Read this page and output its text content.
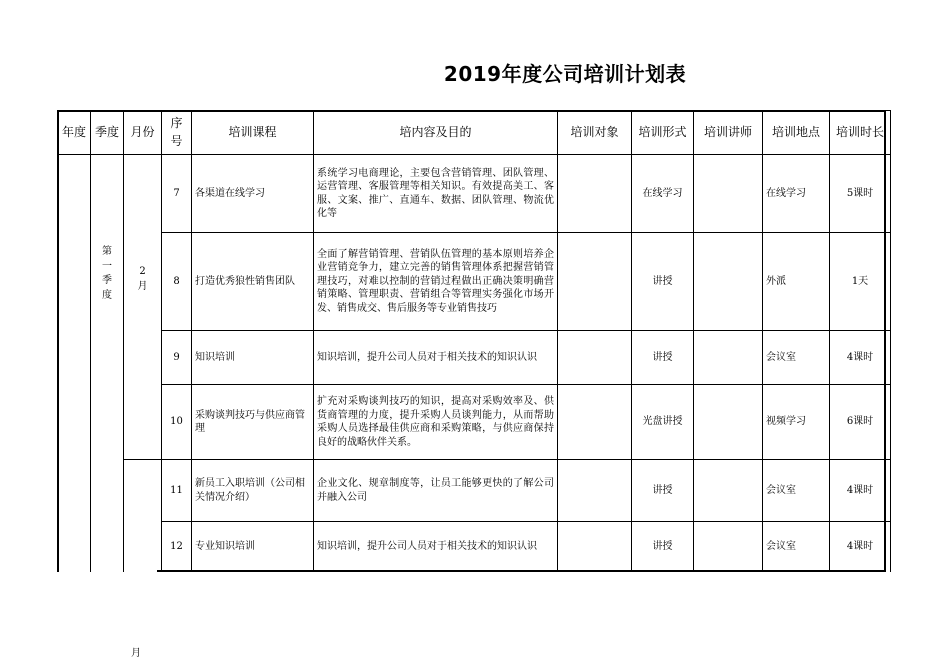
2019年度公司培训计划表
年度	季度	月份	序号	培训课程	培内容及目的	培训对象	培训形式	培训讲师	培训地点	培训时长
	第一季度	2月	7	各渠道在线学习	系统学习电商理论，主要包含营销管理、团队管理、运营管理、客服管理等相关知识。有效提高美工、客服、文案、推广、直通车、数据、团队管理、物流优化等		在线学习		在线学习	5课时
			8	打造优秀狼性销售团队	全面了解营销管理、营销队伍管理的基本原则培养企业营销竞争力，建立完善的销售管理体系把握营销管理技巧，对难以控制的营销过程做出正确决策明确营销策略、管理职责、营销组合等管理实务强化市场开发、销售成交、售后服务等专业销售技巧		讲授		外派	1天
			9	知识培训	知识培训，提升公司人员对于相关技术的知识认识		讲授		会议室	4课时
			10	采购谈判技巧与供应商管理	扩充对采购谈判技巧的知识，提高对采购效率及、供货商管理的力度，提升采购人员谈判能力，从而帮助采购人员选择最佳供应商和采购策略，与供应商保持良好的战略伙伴关系。		光盘讲授		视频学习	6课时
			11	新员工入职培训（公司相关情况介绍）	企业文化、规章制度等，让员工能够更快的了解公司并融入公司		讲授		会议室	4课时
			12	专业知识培训	知识培训，提升公司人员对于相关技术的知识认识		讲授		会议室	4课时
月
